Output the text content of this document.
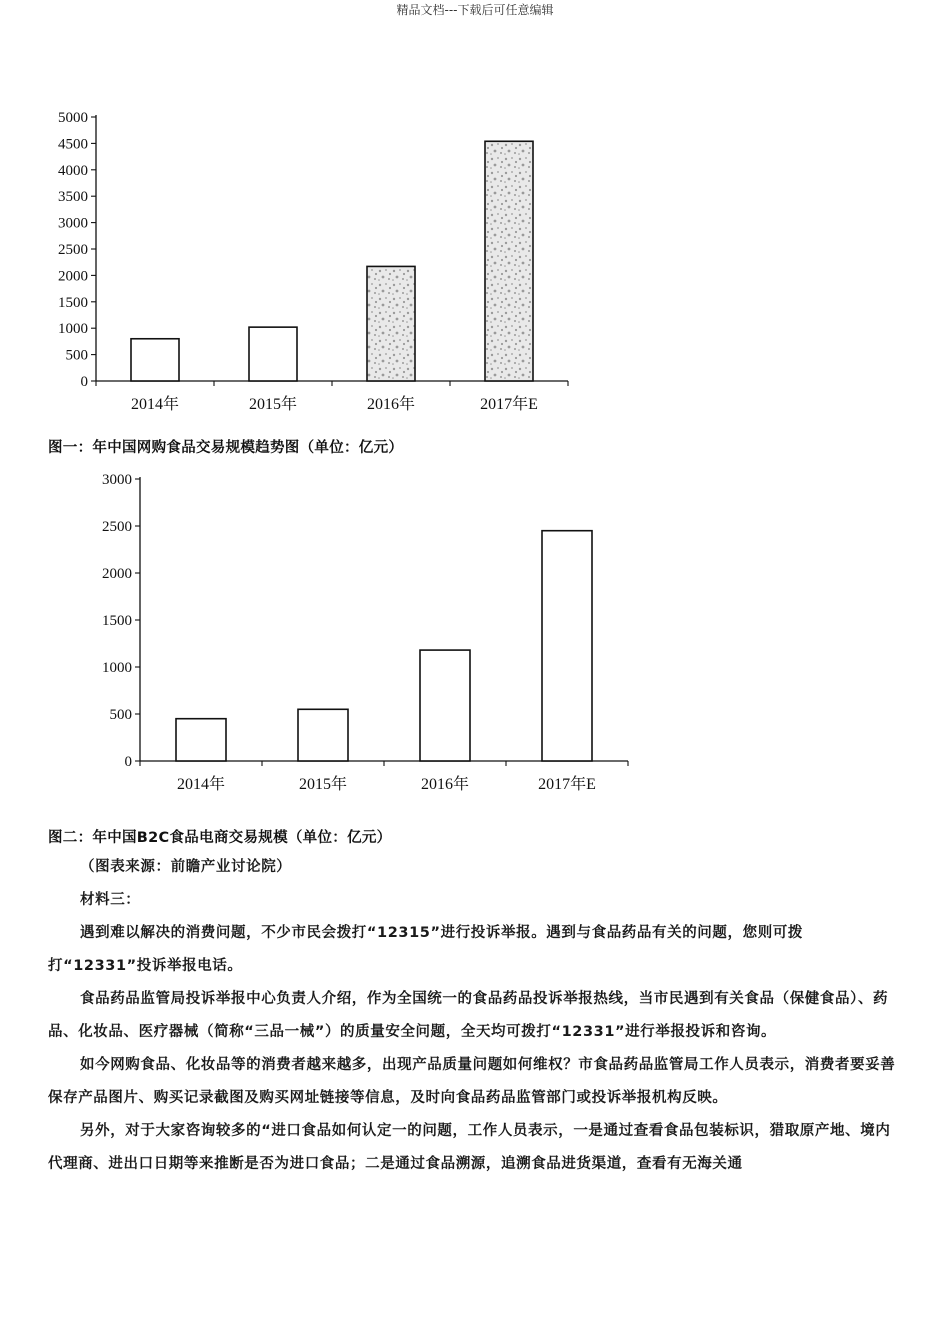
精品文档---下载后可任意编辑
0
500
1000
1500
2000
2500
3000
3500
4000
4500
5000
2014年	2015年	2016年	2017年E
图一：年中国网购食品交易规模趋势图（单位：亿元）
0
500
1000
1500
2000
2500
3000
2014年	2015年	2016年	2017年E
图二：年中国B2C食品电商交易规模（单位：亿元）

（图表来源：前瞻产业讨论院）

材料三：

遇到难以解决的消费问题，不少市民会拨打“12315”进行投诉举报。遇到与食品药品有关的问题，您则可拨打“12331”投诉举报电话。

食品药品监管局投诉举报中心负责人介绍，作为全国统一的食品药品投诉举报热线，当市民遇到有关食品（保健食品）、药品、化妆品、医疗器械（简称“三品一械”）的质量安全问题，全天均可拨打“12331”进行举报投诉和咨询。

如今网购食品、化妆品等的消费者越来越多，出现产品质量问题如何维权？市食品药品监管局工作人员表示，消费者要妥善保存产品图片、购买记录截图及购买网址链接等信息，及时向食品药品监管部门或投诉举报机构反映。

另外，对于大家咨询较多的“进口食品如何认定一的问题，工作人员表示，一是通过查看食品包装标识，猎取原产地、境内代理商、进出口日期等来推断是否为进口食品；二是通过食品溯源，追溯食品进货渠道，查看有无海关通
